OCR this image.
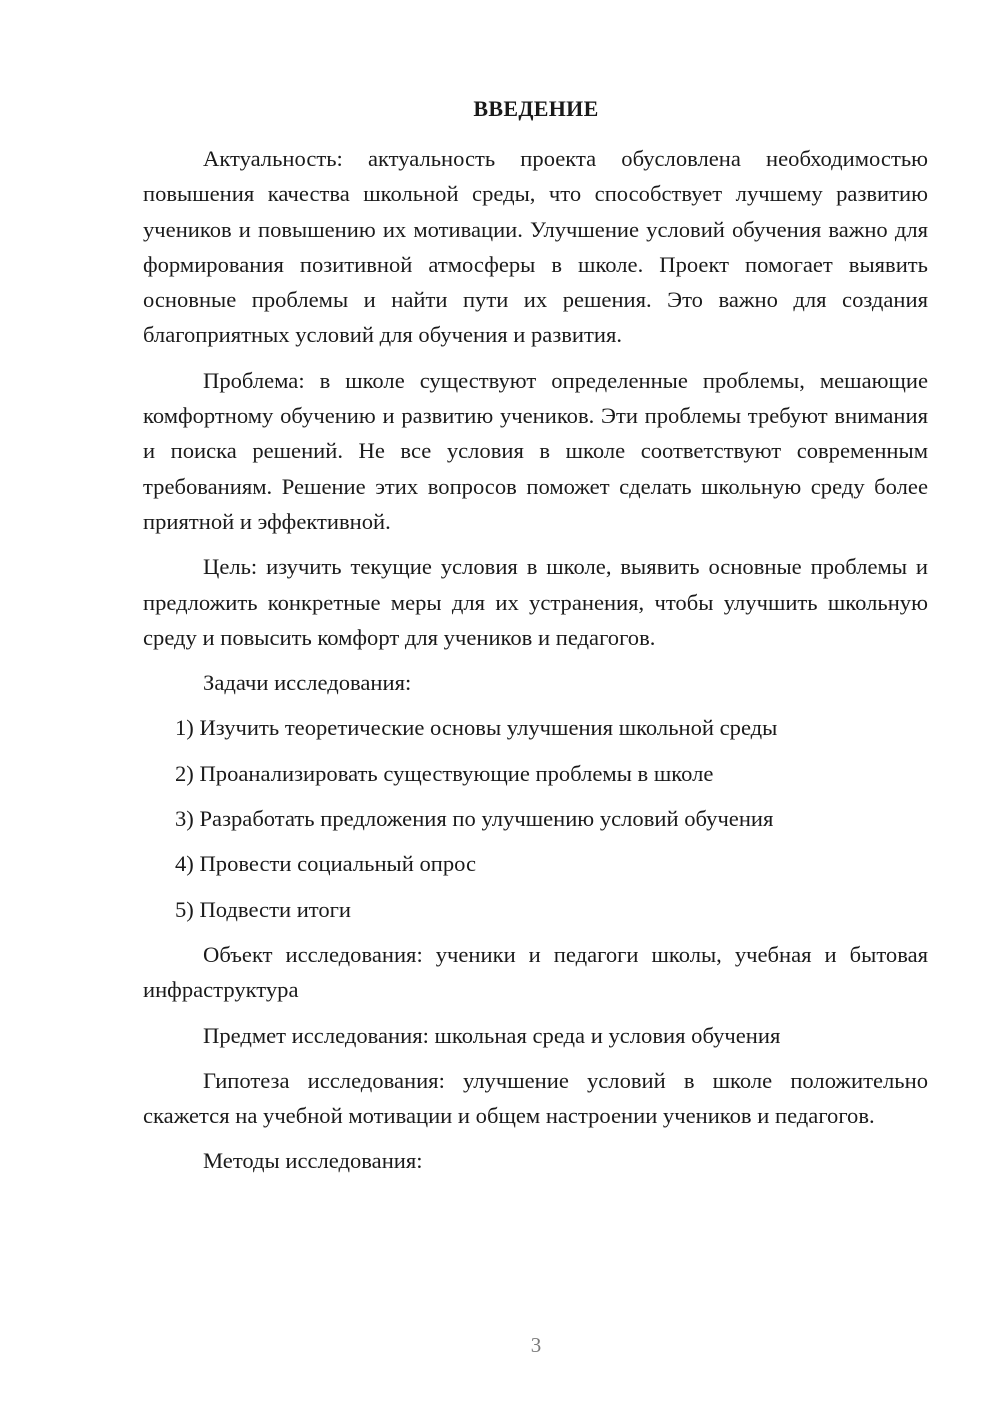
ВВЕДЕНИЕ

Актуальность: актуальность проекта обусловлена необходимостью повышения качества школьной среды, что способствует лучшему развитию учеников и повышению их мотивации. Улучшение условий обучения важно для формирования позитивной атмосферы в школе. Проект помогает выявить основные проблемы и найти пути их решения. Это важно для создания благоприятных условий для обучения и развития.

Проблема: в школе существуют определенные проблемы, мешающие комфортному обучению и развитию учеников. Эти проблемы требуют внимания и поиска решений. Не все условия в школе соответствуют современным требованиям. Решение этих вопросов поможет сделать школьную среду более приятной и эффективной.

Цель: изучить текущие условия в школе, выявить основные проблемы и предложить конкретные меры для их устранения, чтобы улучшить школьную среду и повысить комфорт для учеников и педагогов.

Задачи исследования:

1) Изучить теоретические основы улучшения школьной среды
2) Проанализировать существующие проблемы в школе
3) Разработать предложения по улучшению условий обучения
4) Провести социальный опрос
5) Подвести итоги

Объект исследования: ученики и педагоги школы, учебная и бытовая инфраструктура

Предмет исследования: школьная среда и условия обучения

Гипотеза исследования: улучшение условий в школе положительно скажется на учебной мотивации и общем настроении учеников и педагогов.

Методы исследования:

3
